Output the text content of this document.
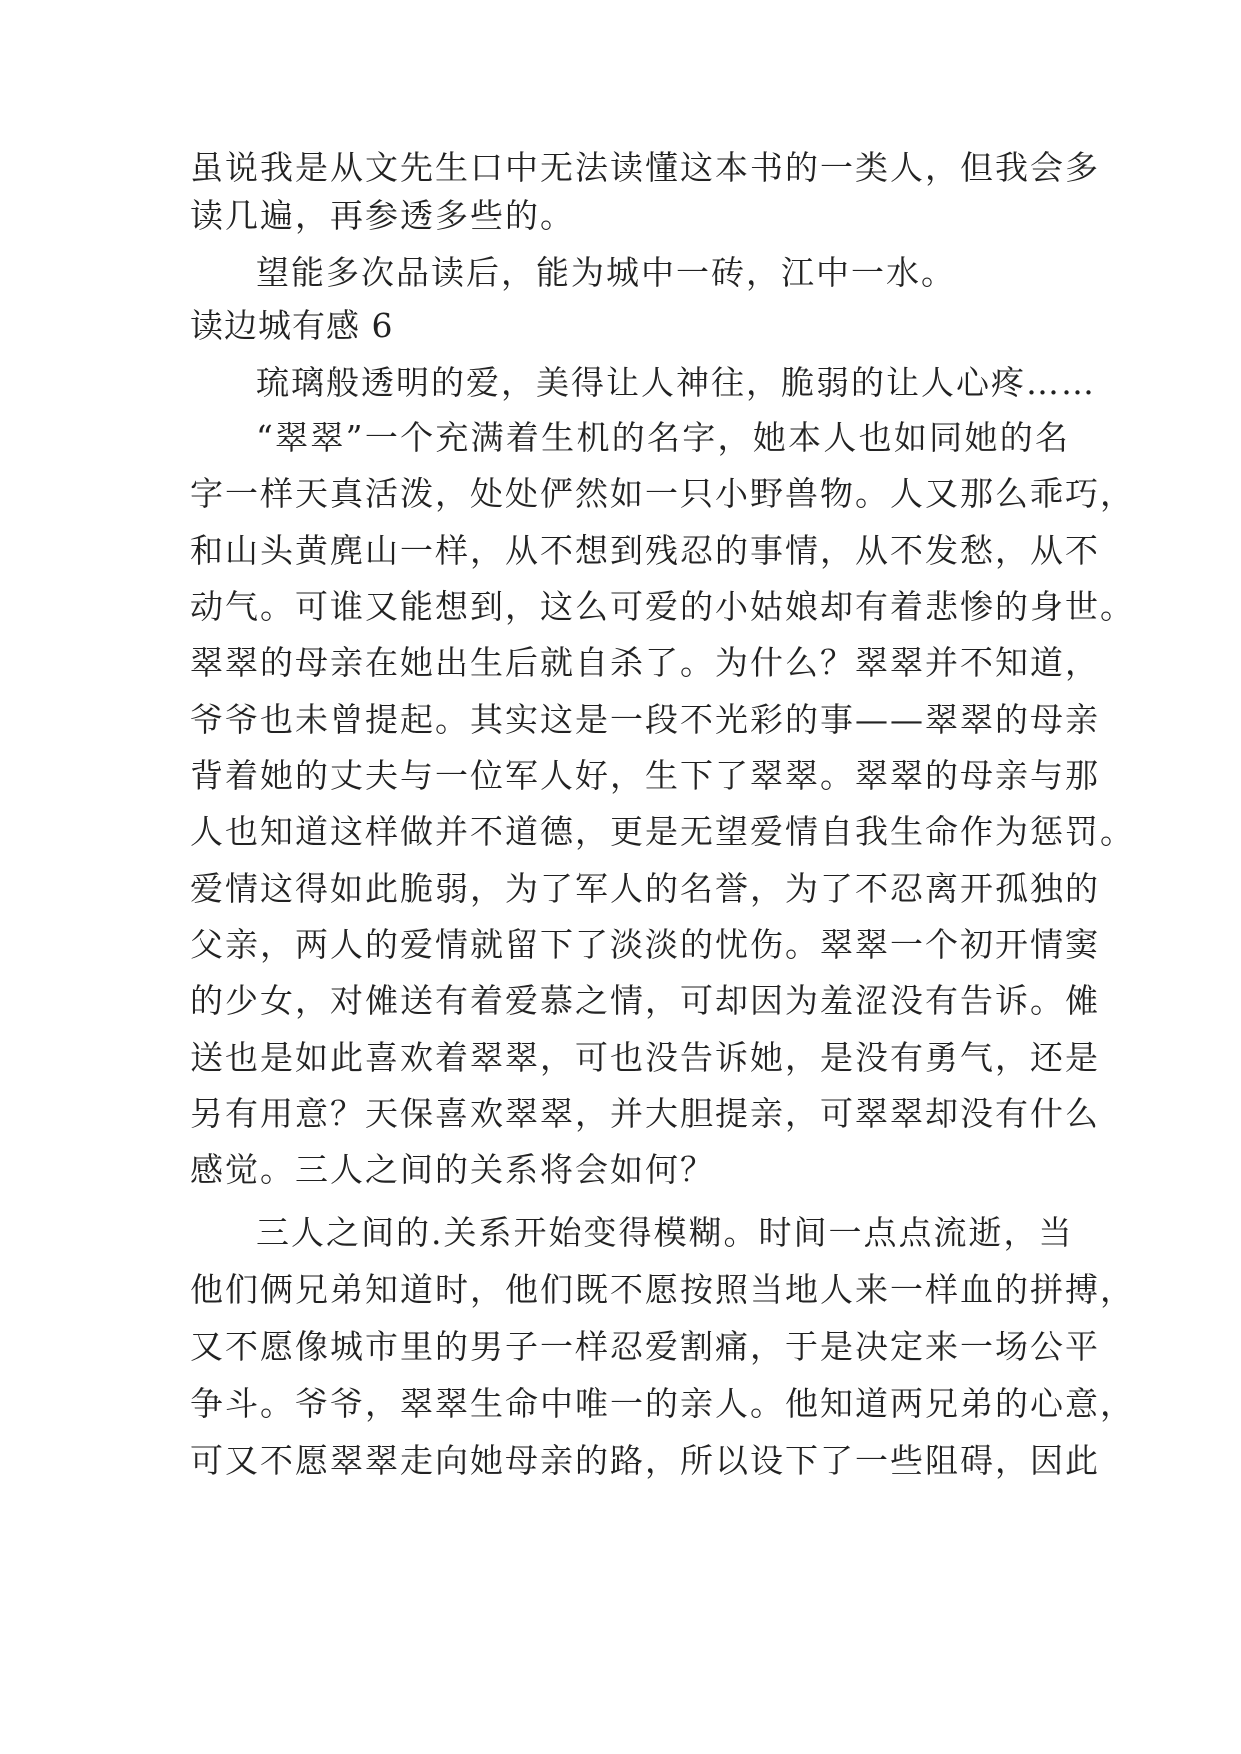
虽说我是从文先生口中无法读懂这本书的一类人，但我会多
读几遍，再参透多些的。
望能多次品读后，能为城中一砖，江中一水。
读边城有感 6
琉璃般透明的爱，美得让人神往，脆弱的让人心疼……
“翠翠”一个充满着生机的名字，她本人也如同她的名
字一样天真活泼，处处俨然如一只小野兽物。人又那么乖巧，
和山头黄麂山一样，从不想到残忍的事情，从不发愁，从不
动气。可谁又能想到，这么可爱的小姑娘却有着悲惨的身世。
翠翠的母亲在她出生后就自杀了。为什么？翠翠并不知道，
爷爷也未曾提起。其实这是一段不光彩的事——翠翠的母亲
背着她的丈夫与一位军人好，生下了翠翠。翠翠的母亲与那
人也知道这样做并不道德，更是无望爱情自我生命作为惩罚。
爱情这得如此脆弱，为了军人的名誉，为了不忍离开孤独的
父亲，两人的爱情就留下了淡淡的忧伤。翠翠一个初开情窦
的少女，对傩送有着爱慕之情，可却因为羞涩没有告诉。傩
送也是如此喜欢着翠翠，可也没告诉她，是没有勇气，还是
另有用意？天保喜欢翠翠，并大胆提亲，可翠翠却没有什么
感觉。三人之间的关系将会如何？
三人之间的.关系开始变得模糊。时间一点点流逝，当
他们俩兄弟知道时，他们既不愿按照当地人来一样血的拼搏，
又不愿像城市里的男子一样忍爱割痛，于是决定来一场公平
争斗。爷爷，翠翠生命中唯一的亲人。他知道两兄弟的心意，
可又不愿翠翠走向她母亲的路，所以设下了一些阻碍，因此
